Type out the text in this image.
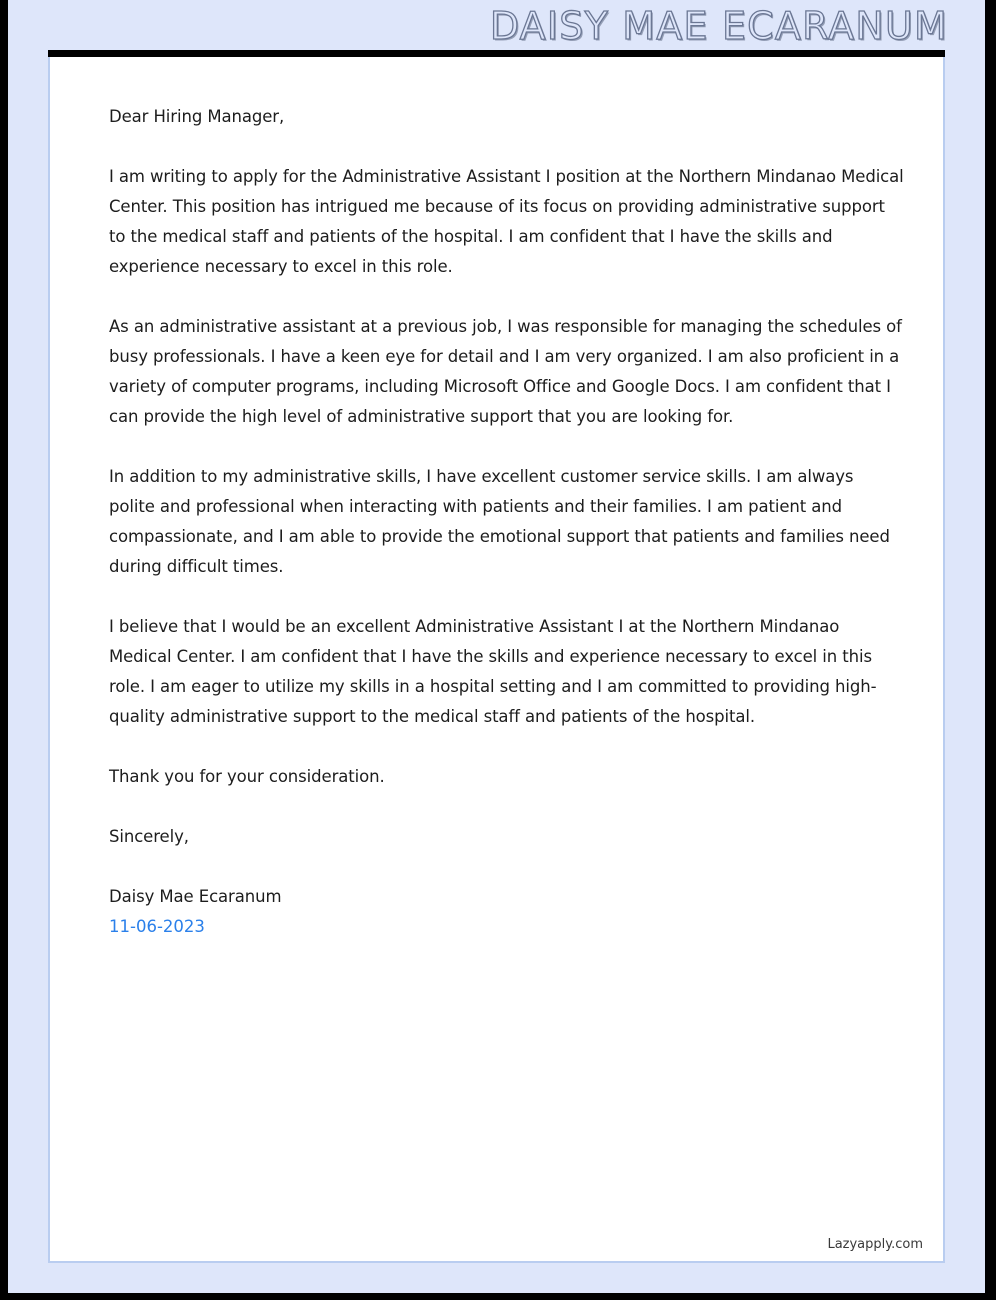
DAISY MAE ECARANUM

Dear Hiring Manager,

I am writing to apply for the Administrative Assistant I position at the Northern Mindanao Medical Center. This position has intrigued me because of its focus on providing administrative support to the medical staff and patients of the hospital. I am confident that I have the skills and experience necessary to excel in this role.

As an administrative assistant at a previous job, I was responsible for managing the schedules of busy professionals. I have a keen eye for detail and I am very organized. I am also proficient in a variety of computer programs, including Microsoft Office and Google Docs. I am confident that I can provide the high level of administrative support that you are looking for.

In addition to my administrative skills, I have excellent customer service skills. I am always polite and professional when interacting with patients and their families. I am patient and compassionate, and I am able to provide the emotional support that patients and families need during difficult times.

I believe that I would be an excellent Administrative Assistant I at the Northern Mindanao Medical Center. I am confident that I have the skills and experience necessary to excel in this role. I am eager to utilize my skills in a hospital setting and I am committed to providing high-quality administrative support to the medical staff and patients of the hospital.

Thank you for your consideration.

Sincerely,

Daisy Mae Ecaranum

11-06-2023

Lazyapply.com
